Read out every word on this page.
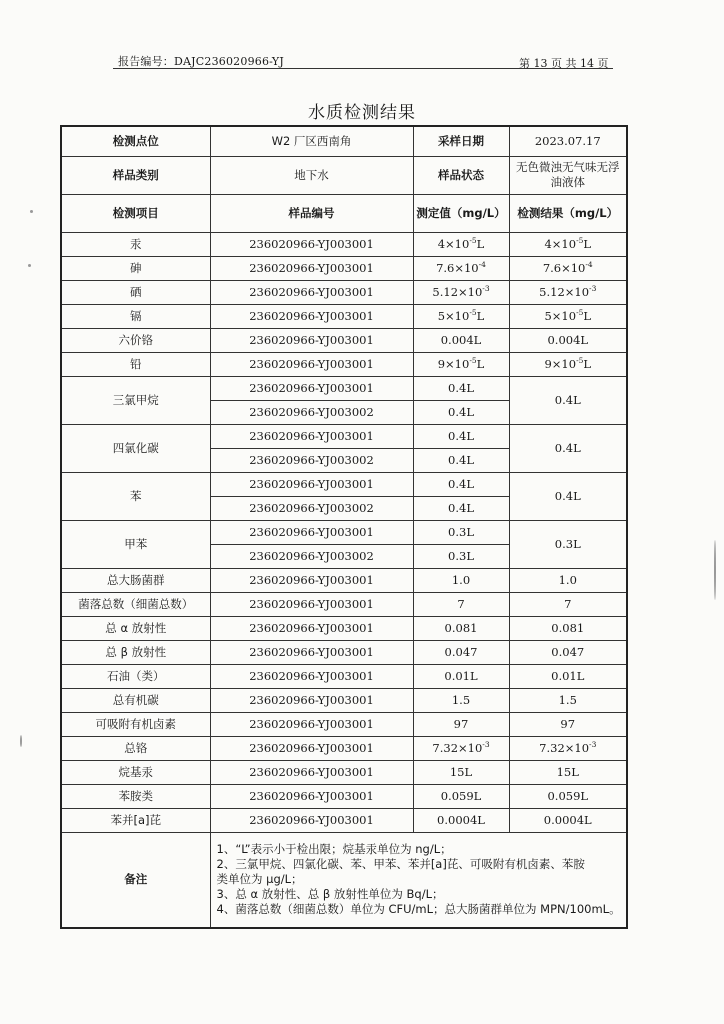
报告编号：DAJC236020966-YJ	第 13 页 共 14 页
水质检测结果
检测点位	W2 厂区西南角	采样日期	2023.07.17
样品类别	地下水	样品状态	无色微浊无气味无浮油液体
检测项目	样品编号	测定值（mg/L）	检测结果（mg/L）
汞	236020966-YJ003001	$4\times 10^{-5}L$	$4\times 10^{-5}L$
砷	236020966-YJ003001	$7.6\times 10^{-4}$	$7.6\times 10^{-4}$
硒	236020966-YJ003001	$5.12\times 10^{-3}$	$5.12\times 10^{-3}$
镉	236020966-YJ003001	$5\times 10^{-5}L$	$5\times 10^{-5}L$
六价铬	236020966-YJ003001	0.004L	0.004L
铅	236020966-YJ003001	$9\times 10^{-5}L$	$9\times 10^{-5}L$
三氯甲烷	236020966-YJ003001	0.4L	0.4L
	236020966-YJ003002	0.4L	
四氯化碳	236020966-YJ003001	0.4L	0.4L
	236020966-YJ003002	0.4L	
苯	236020966-YJ003001	0.4L	0.4L
	236020966-YJ003002	0.4L	
甲苯	236020966-YJ003001	0.3L	0.3L
	236020966-YJ003002	0.3L	
总大肠菌群	236020966-YJ003001	1.0	1.0
菌落总数（细菌总数）	236020966-YJ003001	7	7
总 α 放射性	236020966-YJ003001	0.081	0.081
总 β 放射性	236020966-YJ003001	0.047	0.047
石油（类）	236020966-YJ003001	0.01L	0.01L
总有机碳	236020966-YJ003001	1.5	1.5
可吸附有机卤素	236020966-YJ003001	97	97
总铬	236020966-YJ003001	$7.32\times 10^{-3}$	$7.32\times 10^{-3}$
烷基汞	236020966-YJ003001	15L	15L
苯胺类	236020966-YJ003001	0.059L	0.059L
苯并[a]芘	236020966-YJ003001	0.0004L	0.0004L
备注	1、“L”表示小于检出限；烷基汞单位为 ng/L；
2、三氯甲烷、四氯化碳、苯、甲苯、苯并[a]芘、可吸附有机卤素、苯胺
类单位为 μg/L；
3、总 α 放射性、总 β 放射性单位为 Bq/L；
4、菌落总数（细菌总数）单位为 CFU/mL；总大肠菌群单位为 MPN/100mL。		
